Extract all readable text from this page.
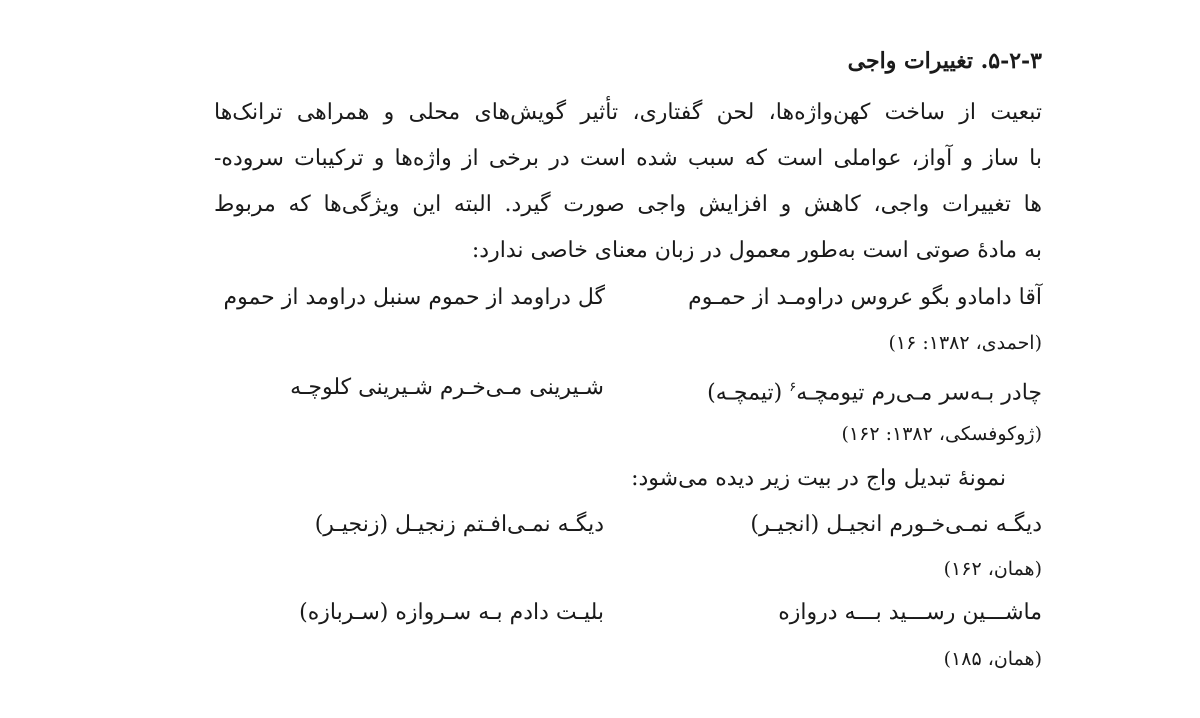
۵-۲-۳. تغییرات واجی
تبعیت از ساخت کهن‌واژه‌ها، لحن گفتاری، تأثیر گویش‌های محلی و همراهی ترانک‌ها
با ساز و آواز، عواملی است که سبب شده است در برخی از واژه‌ها و ترکیبات سروده-
ها تغییرات واجی، کاهش و افزایش واجی صورت گیرد. البته این ویژگی‌ها که مربوط
به مادهٔ صوتی است به‌طور معمول در زبان معنای خاصی ندارد:
گل دراومد از حموم سنبل دراومد از حموم	آقا دامادو بگو عروس دراومـد از حمـوم
(احمدی، ۱۳۸۲: ۱۶)
چادر بـه‌سر مـی‌رم تیومچـه$^۶$ (تیمچـه)
شـیرینی مـی‌خـرم شـیرینی کلوچـه
(ژوکوفسکی، ۱۳۸۲: ۱۶۲)
نمونهٔ تبدیل واج در بیت زیر دیده می‌شود:
دیگـه نمـی‌خـورم انجیـل (انجیـر)
دیگـه نمـی‌افـتم زنجیـل (زنجیـر)
(همان، ۱۶۲)
ماشـــین رســـید بـــه دروازه
بلیـت دادم بـه سـروازه (سـربازه)
(همان، ۱۸۵)
